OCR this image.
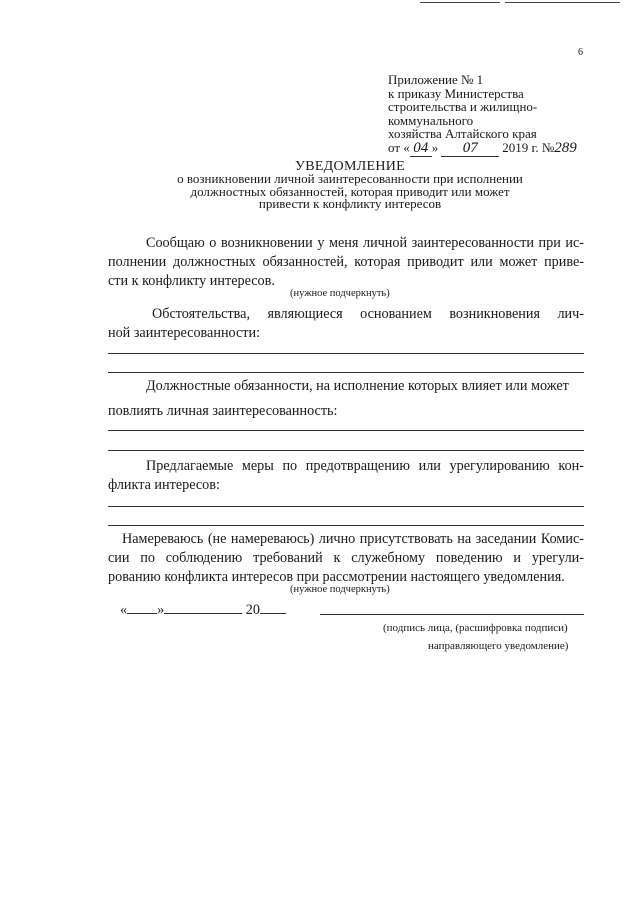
6
Приложение № 1
к приказу Министерства
строительства и жилищно-
коммунального
хозяйства Алтайского края
от « 04 » 07 2019 г. №289
УВЕДОМЛЕНИЕ
о возникновении личной заинтересованности при исполнении
должностных обязанностей, которая приводит или может
привести к конфликту интересов
Сообщаю о возникновении у меня личной заинтересованности при ис-
полнении должностных обязанностей, которая приводит или может приве-
сти к конфликту интересов.
(нужное подчеркнуть)
Обстоятельства, являющиеся основанием возникновения лич-
ной заинтересованности:
Должностные обязанности, на исполнение которых влияет или может
повлиять личная заинтересованность:
Предлагаемые меры по предотвращению или урегулированию кон-
фликта интересов:
Намереваюсь (не намереваюсь) лично присутствовать на заседании Комис-
сии по соблюдению требований к служебному поведению и урегули-
рованию конфликта интересов при рассмотрении настоящего уведомления.
(нужное подчеркнуть)
« »	20
(подпись лица, (расшифровка подписи)
направляющего уведомление)
